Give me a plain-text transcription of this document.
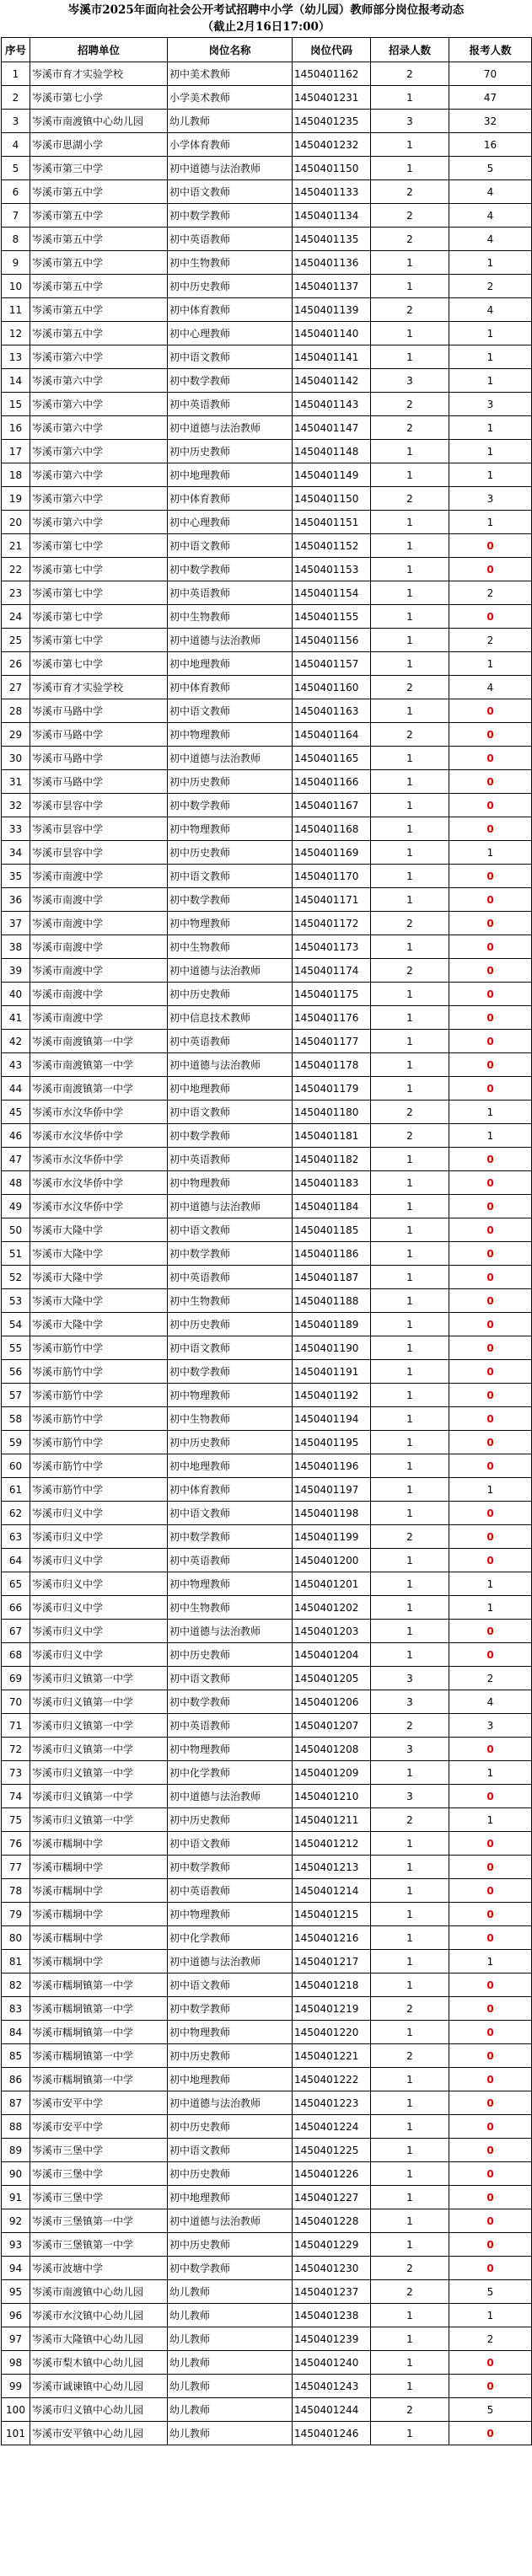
岑溪市2025年面向社会公开考试招聘中小学（幼儿园）教师部分岗位报考动态
（截止2月16日17:00）
序号	招聘单位	岗位名称	岗位代码	招录人数	报考人数
1	岑溪市育才实验学校	初中美术教师	1450401162	2	70
2	岑溪市第七小学	小学美术教师	1450401231	1	47
3	岑溪市南渡镇中心幼儿园	幼儿教师	1450401235	3	32
4	岑溪市思湖小学	小学体育教师	1450401232	1	16
5	岑溪市第三中学	初中道德与法治教师	1450401150	1	5
6	岑溪市第五中学	初中语文教师	1450401133	2	4
7	岑溪市第五中学	初中数学教师	1450401134	2	4
8	岑溪市第五中学	初中英语教师	1450401135	2	4
9	岑溪市第五中学	初中生物教师	1450401136	1	1
10	岑溪市第五中学	初中历史教师	1450401137	1	2
11	岑溪市第五中学	初中体育教师	1450401139	2	4
12	岑溪市第五中学	初中心理教师	1450401140	1	1
13	岑溪市第六中学	初中语文教师	1450401141	1	1
14	岑溪市第六中学	初中数学教师	1450401142	3	1
15	岑溪市第六中学	初中英语教师	1450401143	2	3
16	岑溪市第六中学	初中道德与法治教师	1450401147	2	1
17	岑溪市第六中学	初中历史教师	1450401148	1	1
18	岑溪市第六中学	初中地理教师	1450401149	1	1
19	岑溪市第六中学	初中体育教师	1450401150	2	3
20	岑溪市第六中学	初中心理教师	1450401151	1	1
21	岑溪市第七中学	初中语文教师	1450401152	1	0
22	岑溪市第七中学	初中数学教师	1450401153	1	0
23	岑溪市第七中学	初中英语教师	1450401154	1	2
24	岑溪市第七中学	初中生物教师	1450401155	1	0
25	岑溪市第七中学	初中道德与法治教师	1450401156	1	2
26	岑溪市第七中学	初中地理教师	1450401157	1	1
27	岑溪市育才实验学校	初中体育教师	1450401160	2	4
28	岑溪市马路中学	初中语文教师	1450401163	1	0
29	岑溪市马路中学	初中物理教师	1450401164	2	0
30	岑溪市马路中学	初中道德与法治教师	1450401165	1	0
31	岑溪市马路中学	初中历史教师	1450401166	1	0
32	岑溪市昙容中学	初中数学教师	1450401167	1	0
33	岑溪市昙容中学	初中物理教师	1450401168	1	0
34	岑溪市昙容中学	初中历史教师	1450401169	1	1
35	岑溪市南渡中学	初中语文教师	1450401170	1	0
36	岑溪市南渡中学	初中数学教师	1450401171	1	0
37	岑溪市南渡中学	初中物理教师	1450401172	2	0
38	岑溪市南渡中学	初中生物教师	1450401173	1	0
39	岑溪市南渡中学	初中道德与法治教师	1450401174	2	0
40	岑溪市南渡中学	初中历史教师	1450401175	1	0
41	岑溪市南渡中学	初中信息技术教师	1450401176	1	0
42	岑溪市南渡镇第一中学	初中英语教师	1450401177	1	0
43	岑溪市南渡镇第一中学	初中道德与法治教师	1450401178	1	0
44	岑溪市南渡镇第一中学	初中地理教师	1450401179	1	0
45	岑溪市水汶华侨中学	初中语文教师	1450401180	2	1
46	岑溪市水汶华侨中学	初中数学教师	1450401181	2	1
47	岑溪市水汶华侨中学	初中英语教师	1450401182	1	0
48	岑溪市水汶华侨中学	初中物理教师	1450401183	1	0
49	岑溪市水汶华侨中学	初中道德与法治教师	1450401184	1	0
50	岑溪市大隆中学	初中语文教师	1450401185	1	0
51	岑溪市大隆中学	初中数学教师	1450401186	1	0
52	岑溪市大隆中学	初中英语教师	1450401187	1	0
53	岑溪市大隆中学	初中生物教师	1450401188	1	0
54	岑溪市大隆中学	初中历史教师	1450401189	1	0
55	岑溪市筋竹中学	初中语文教师	1450401190	1	0
56	岑溪市筋竹中学	初中数学教师	1450401191	1	0
57	岑溪市筋竹中学	初中物理教师	1450401192	1	0
58	岑溪市筋竹中学	初中生物教师	1450401194	1	0
59	岑溪市筋竹中学	初中历史教师	1450401195	1	0
60	岑溪市筋竹中学	初中地理教师	1450401196	1	0
61	岑溪市筋竹中学	初中体育教师	1450401197	1	1
62	岑溪市归义中学	初中语文教师	1450401198	1	0
63	岑溪市归义中学	初中数学教师	1450401199	2	0
64	岑溪市归义中学	初中英语教师	1450401200	1	0
65	岑溪市归义中学	初中物理教师	1450401201	1	1
66	岑溪市归义中学	初中生物教师	1450401202	1	1
67	岑溪市归义中学	初中道德与法治教师	1450401203	1	0
68	岑溪市归义中学	初中历史教师	1450401204	1	0
69	岑溪市归义镇第一中学	初中语文教师	1450401205	3	2
70	岑溪市归义镇第一中学	初中数学教师	1450401206	3	4
71	岑溪市归义镇第一中学	初中英语教师	1450401207	2	3
72	岑溪市归义镇第一中学	初中物理教师	1450401208	3	0
73	岑溪市归义镇第一中学	初中化学教师	1450401209	1	1
74	岑溪市归义镇第一中学	初中道德与法治教师	1450401210	3	0
75	岑溪市归义镇第一中学	初中历史教师	1450401211	2	1
76	岑溪市糯垌中学	初中语文教师	1450401212	1	0
77	岑溪市糯垌中学	初中数学教师	1450401213	1	0
78	岑溪市糯垌中学	初中英语教师	1450401214	1	0
79	岑溪市糯垌中学	初中物理教师	1450401215	1	0
80	岑溪市糯垌中学	初中化学教师	1450401216	1	0
81	岑溪市糯垌中学	初中道德与法治教师	1450401217	1	1
82	岑溪市糯垌镇第一中学	初中语文教师	1450401218	1	0
83	岑溪市糯垌镇第一中学	初中数学教师	1450401219	2	0
84	岑溪市糯垌镇第一中学	初中物理教师	1450401220	1	0
85	岑溪市糯垌镇第一中学	初中历史教师	1450401221	2	0
86	岑溪市糯垌镇第一中学	初中地理教师	1450401222	1	0
87	岑溪市安平中学	初中道德与法治教师	1450401223	1	0
88	岑溪市安平中学	初中历史教师	1450401224	1	0
89	岑溪市三堡中学	初中语文教师	1450401225	1	0
90	岑溪市三堡中学	初中历史教师	1450401226	1	0
91	岑溪市三堡中学	初中地理教师	1450401227	1	0
92	岑溪市三堡镇第一中学	初中道德与法治教师	1450401228	1	0
93	岑溪市三堡镇第一中学	初中历史教师	1450401229	1	0
94	岑溪市波塘中学	初中数学教师	1450401230	2	0
95	岑溪市南渡镇中心幼儿园	幼儿教师	1450401237	2	5
96	岑溪市水汶镇中心幼儿园	幼儿教师	1450401238	1	1
97	岑溪市大隆镇中心幼儿园	幼儿教师	1450401239	1	2
98	岑溪市梨木镇中心幼儿园	幼儿教师	1450401240	1	0
99	岑溪市诚谏镇中心幼儿园	幼儿教师	1450401243	1	0
100	岑溪市归义镇中心幼儿园	幼儿教师	1450401244	2	5
101	岑溪市安平镇中心幼儿园	幼儿教师	1450401246	1	0
